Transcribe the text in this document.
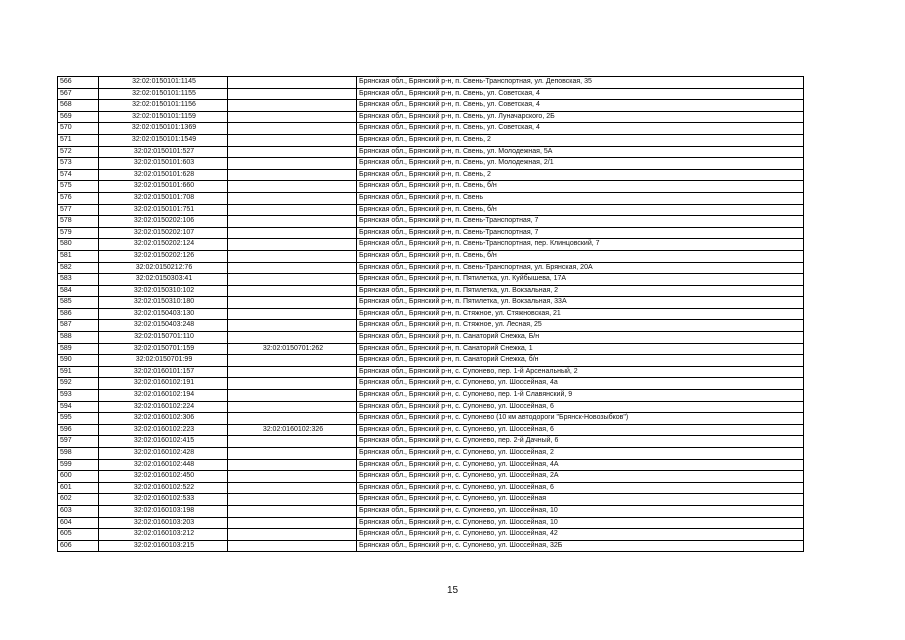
566	32:02:0150101:1145		Брянская обл., Брянский р-н, п. Свень-Транспортная, ул. Деповская, 35
567	32:02:0150101:1155		Брянская обл., Брянский р-н, п. Свень, ул. Советская, 4
568	32:02:0150101:1156		Брянская обл., Брянский р-н, п. Свень, ул. Советская, 4
569	32:02:0150101:1159		Брянская обл., Брянский р-н, п. Свень, ул. Луначарского, 2Б
570	32:02:0150101:1369		Брянская обл., Брянский р-н, п. Свень, ул. Советская, 4
571	32:02:0150101:1549		Брянская обл., Брянский р-н, п. Свень, 2
572	32:02:0150101:527		Брянская обл., Брянский р-н, п. Свень, ул. Молодежная, 5А
573	32:02:0150101:603		Брянская обл., Брянский р-н, п. Свень, ул. Молодежная, 2/1
574	32:02:0150101:628		Брянская обл., Брянский р-н, п. Свень, 2
575	32:02:0150101:660		Брянская обл., Брянский р-н, п. Свень, б/н
576	32:02:0150101:708		Брянская обл., Брянский р-н, п. Свень
577	32:02:0150101:751		Брянская обл., Брянский р-н, п. Свень, б/н
578	32:02:0150202:106		Брянская обл., Брянский р-н, п. Свень-Транспортная, 7
579	32:02:0150202:107		Брянская обл., Брянский р-н, п. Свень-Транспортная, 7
580	32:02:0150202:124		Брянская обл., Брянский р-н, п. Свень-Транспортная, пер. Клинцовский, 7
581	32:02:0150202:126		Брянская обл., Брянский р-н, п. Свень, б/н
582	32:02:0150212:76		Брянская обл., Брянский р-н, п. Свень-Транспортная, ул. Брянская, 20А
583	32:02:0150303:41		Брянская обл., Брянский р-н, п. Пятилетка, ул. Куйбышева, 17А
584	32:02:0150310:102		Брянская обл., Брянский р-н, п. Пятилетка, ул. Вокзальная, 2
585	32:02:0150310:180		Брянская обл., Брянский р-н, п. Пятилетка, ул. Вокзальная, 33А
586	32:02:0150403:130		Брянская обл., Брянский р-н, п. Стяжное, ул. Стяжновская, 21
587	32:02:0150403:248		Брянская обл., Брянский р-н, п. Стяжное, ул. Лесная, 25
588	32:02:0150701:110		Брянская обл., Брянский р-н, п. Санаторий Снежка, Б/н
589	32:02:0150701:159	32:02:0150701:262	Брянская обл., Брянский р-н, п. Санаторий Снежка, 1
590	32:02:0150701:99		Брянская обл., Брянский р-н, п. Санаторий Снежка, б/н
591	32:02:0160101:157		Брянская обл., Брянский р-н, с. Супонево, пер. 1-й Арсенальный, 2
592	32:02:0160102:191		Брянская обл., Брянский р-н, с. Супонево, ул. Шоссейная, 4а
593	32:02:0160102:194		Брянская обл., Брянский р-н, с. Супонево, пер. 1-й Славянский, 9
594	32:02:0160102:224		Брянская обл., Брянский р-н, с. Супонево, ул. Шоссейная, 6
595	32:02:0160102:306		Брянская обл., Брянский р-н, с. Супонево (10 км автодороги "Брянск-Новозыбков")
596	32:02:0160102:223	32:02:0160102:326	Брянская обл., Брянский р-н, с. Супонево, ул. Шоссейная, 6
597	32:02:0160102:415		Брянская обл., Брянский р-н, с. Супонево, пер. 2-й Дачный, 6
598	32:02:0160102:428		Брянская обл., Брянский р-н, с. Супонево, ул. Шоссейная, 2
599	32:02:0160102:448		Брянская обл., Брянский р-н, с. Супонево, ул. Шоссейная, 4А
600	32:02:0160102:450		Брянская обл., Брянский р-н, с. Супонево, ул. Шоссейная, 2А
601	32:02:0160102:522		Брянская обл., Брянский р-н, с. Супонево, ул. Шоссейная, 6
602	32:02:0160102:533		Брянская обл., Брянский р-н, с. Супонево, ул. Шоссейная
603	32:02:0160103:198		Брянская обл., Брянский р-н, с. Супонево, ул. Шоссейная, 10
604	32:02:0160103:203		Брянская обл., Брянский р-н, с. Супонево, ул. Шоссейная, 10
605	32:02:0160103:212		Брянская обл., Брянский р-н, с. Супонево, ул. Шоссейная, 42
606	32:02:0160103:215		Брянская обл., Брянский р-н, с. Супонево, ул. Шоссейная, 32Б
15
